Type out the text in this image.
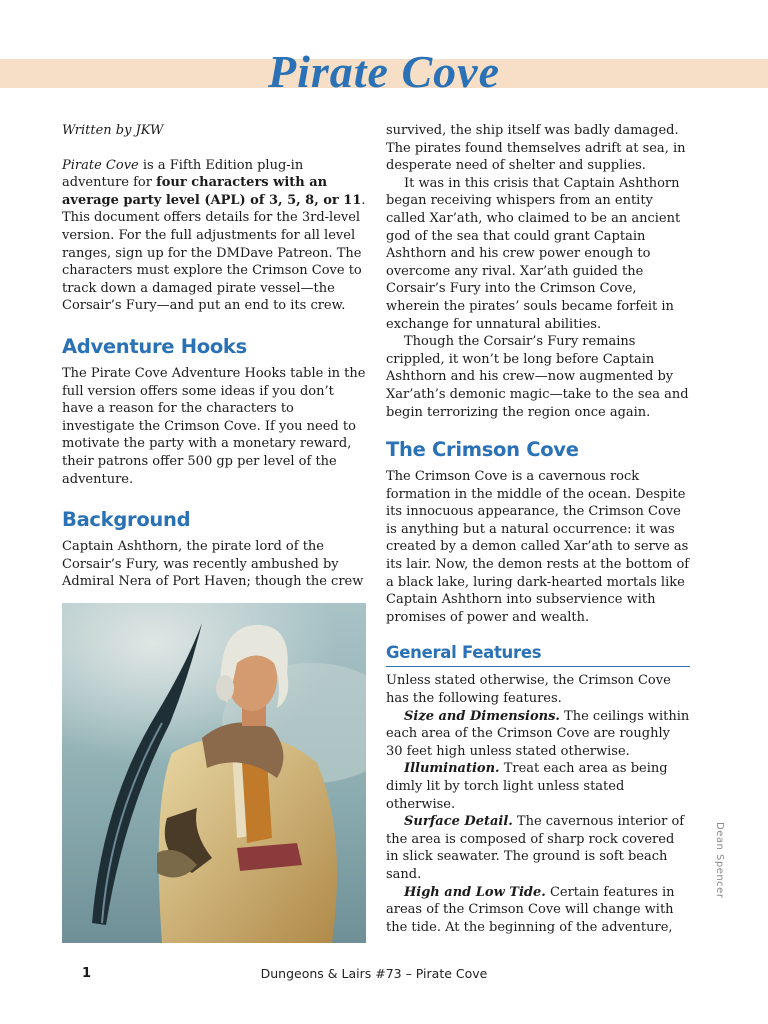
Pirate Cove

Written by JKW

Pirate Cove is a Fifth Edition plug-in adventure for four characters with an average party level (APL) of 3, 5, 8, or 11. This document offers details for the 3rd-level version. For the full adjustments for all level ranges, sign up for the DMDave Patreon. The characters must explore the Crimson Cove to track down a damaged pirate vessel—the Corsair’s Fury—and put an end to its crew.

Adventure Hooks

The Pirate Cove Adventure Hooks table in the full version offers some ideas if you don’t have a reason for the characters to investigate the Crimson Cove. If you need to motivate the party with a monetary reward, their patrons offer 500 gp per level of the adventure.

Background

Captain Ashthorn, the pirate lord of the Corsair’s Fury, was recently ambushed by Admiral Nera of Port Haven; though the crew

survived, the ship itself was badly damaged. The pirates found themselves adrift at sea, in desperate need of shelter and supplies.

It was in this crisis that Captain Ashthorn began receiving whispers from an entity called Xar’ath, who claimed to be an ancient god of the sea that could grant Captain Ashthorn and his crew power enough to overcome any rival. Xar’ath guided the Corsair’s Fury into the Crimson Cove, wherein the pirates’ souls became forfeit in exchange for unnatural abilities.

Though the Corsair’s Fury remains crippled, it won’t be long before Captain Ashthorn and his crew—now augmented by Xar’ath’s demonic magic—take to the sea and begin terrorizing the region once again.

The Crimson Cove

The Crimson Cove is a cavernous rock formation in the middle of the ocean. Despite its innocuous appearance, the Crimson Cove is anything but a natural occurrence: it was created by a demon called Xar’ath to serve as its lair. Now, the demon rests at the bottom of a black lake, luring dark-hearted mortals like Captain Ashthorn into subservience with promises of power and wealth.

General Features

Unless stated otherwise, the Crimson Cove has the following features.

Size and Dimensions. The ceilings within each area of the Crimson Cove are roughly 30 feet high unless stated otherwise.

Illumination. Treat each area as being dimly lit by torch light unless stated otherwise.

Surface Detail. The cavernous interior of the area is composed of sharp rock covered in slick seawater. The ground is soft beach sand.

High and Low Tide. Certain features in areas of the Crimson Cove will change with the tide. At the beginning of the adventure,

Dean Spencer
1	Dungeons & Lairs #73 – Pirate Cove
